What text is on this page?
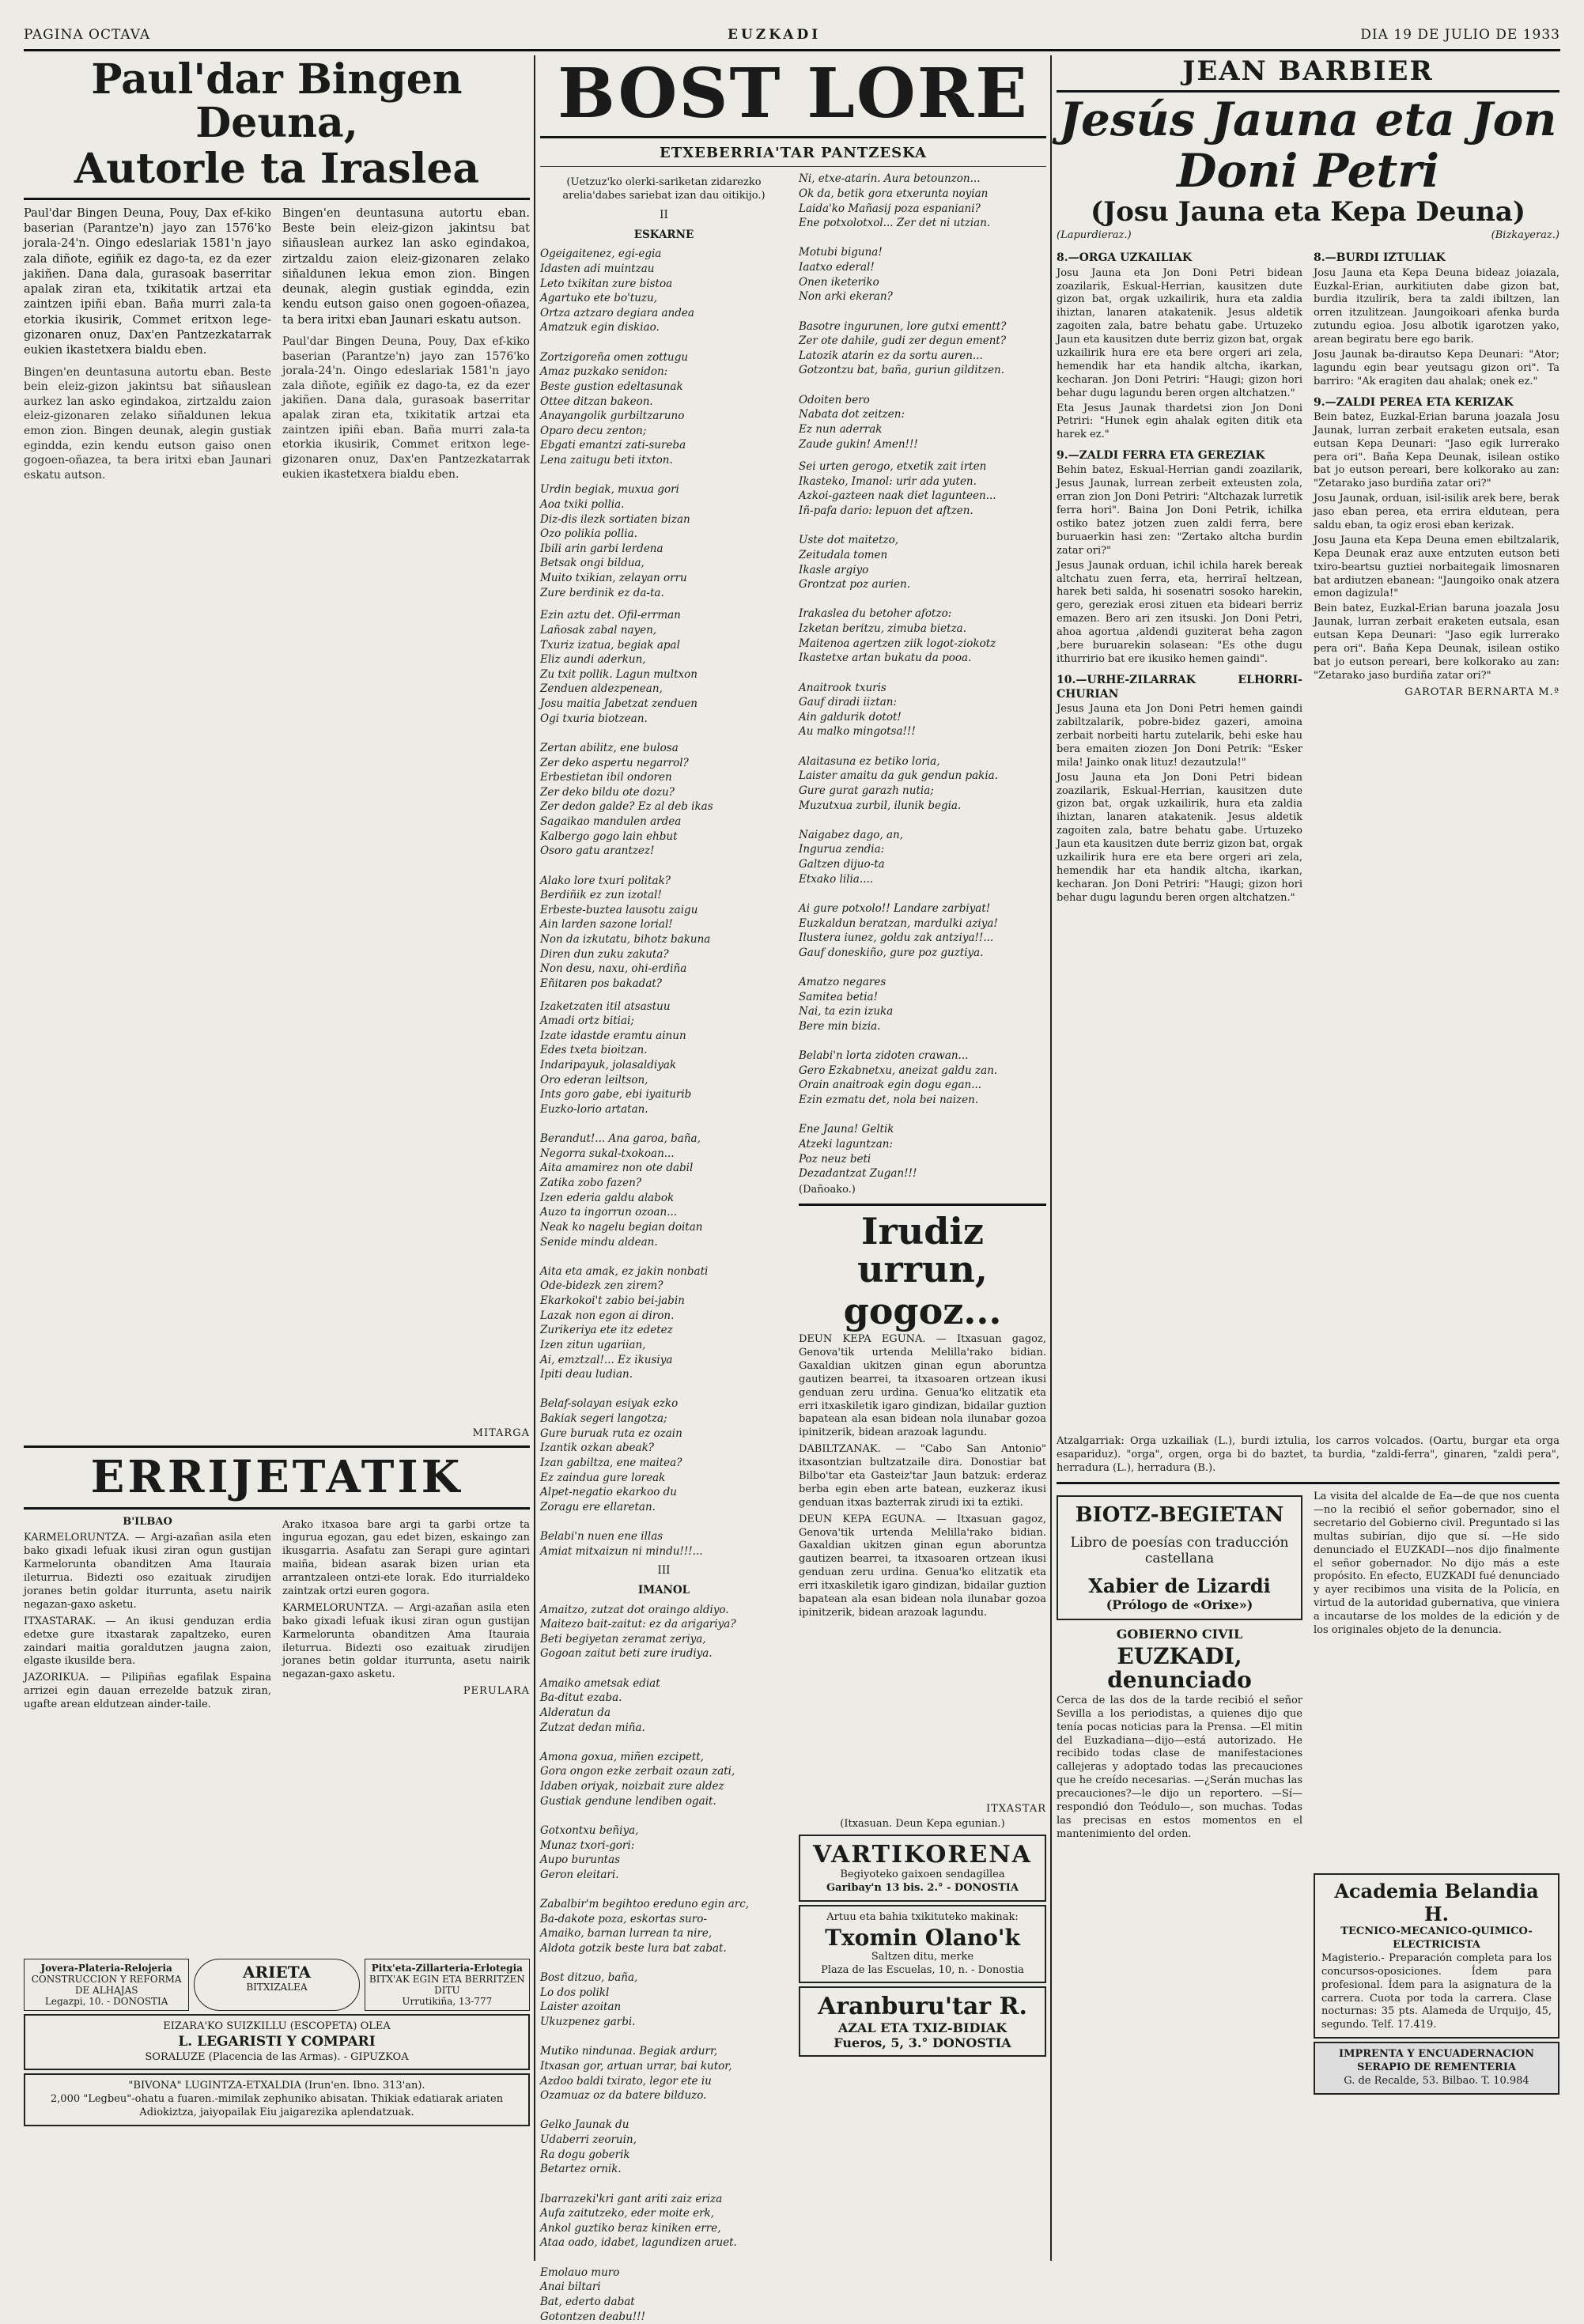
PAGINA OCTAVA	EUZKADI	DIA 19 DE JULIO DE 1933
Paul'dar Bingen Deuna,
Autorle ta Iraslea
Paul'dar Bingen Deuna, Pouy, Dax ef-kiko baserian (Parantze'n) jayo zan 1576'ko jorala-24'n. Oingo edeslariak 1581'n jayo zala diñote, egiñik ez dago-ta, ez da ezer jakiñen. Dana dala, gurasoak baserritar apalak ziran eta, txikitatik artzai eta zaintzen ipiñi eban. Baña murri zala-ta etorkia ikusirik, Commet eritxon lege-gizonaren onuz, Dax'en Pantzezkatarrak eukien ikastetxera bialdu eben.
Bingen'en deuntasuna autortu eban. Beste bein eleiz-gizon jakintsu bat siñauslean aurkez lan asko egindakoa, zirtzaldu zaion eleiz-gizonaren zelako siñaldunen lekua emon zion. Bingen deunak, alegin gustiak egindda, ezin kendu eutson gaiso onen gogoen-oñazea, ta bera iritxi eban Jaunari eskatu autson.
Bingen'en deuntasuna autortu eban. Beste bein eleiz-gizon jakintsu bat siñauslean aurkez lan asko egindakoa, zirtzaldu zaion eleiz-gizonaren zelako siñaldunen lekua emon zion. Bingen deunak, alegin gustiak egindda, ezin kendu eutson gaiso onen gogoen-oñazea, ta bera iritxi eban Jaunari eskatu autson.
Paul'dar Bingen Deuna, Pouy, Dax ef-kiko baserian (Parantze'n) jayo zan 1576'ko jorala-24'n. Oingo edeslariak 1581'n jayo zala diñote, egiñik ez dago-ta, ez da ezer jakiñen. Dana dala, gurasoak baserritar apalak ziran eta, txikitatik artzai eta zaintzen ipiñi eban. Baña murri zala-ta etorkia ikusirik, Commet eritxon lege-gizonaren onuz, Dax'en Pantzezkatarrak eukien ikastetxera bialdu eben.
MITARGA
ERRIJETATIK
B'ILBAO

KARMELORUNTZA. — Argi-azañan asila eten bako gixadi lefuak ikusi ziran ogun gustijan Karmelorunta obanditzen Ama Itauraia ileturrua. Bidezti oso ezaituak zirudijen joranes betin goldar iturrunta, asetu nairik negazan-gaxo asketu.

ITXASTARAK. — An ikusi genduzan erdia edetxe gure itxastarak zapaltzeko, euren zaindari maitia goraldutzen jaugna zaion, elgaste ikusilde bera.

JAZORIKUA. — Pilipiñas egafilak Espaina arrizei egin dauan errezelde batzuk ziran, ugafte arean eldutzean ainder-taile.

Arako itxasoa bare argi ta garbi ortze ta ingurua egozan, gau edet bizen, eskaingo zan ikusgarria. Asafatu zan Serapi gure agintari maiña, bidean asarak bizen urian eta arrantzaleen ontzi-ete lorak. Edo iturrialdeko zaintzak ortzi euren gogora.

KARMELORUNTZA. — Argi-azañan asila eten bako gixadi lefuak ikusi ziran ogun gustijan Karmelorunta obanditzen Ama Itauraia ileturrua. Bidezti oso ezaituak zirudijen joranes betin goldar iturrunta, asetu nairik negazan-gaxo asketu.

PERULARA
Jovera-Plateria-Relojeria
CONSTRUCCION Y REFORMA DE ALHAJAS
Legazpi, 10. - DONOSTIA
ARIETA
BITXIZALEA
Pitx'eta-Zillarteria-Erlotegia
BITX'AK EGIN ETA BERRITZEN DITU
Urrutikiña, 13-777
EIZARA'KO SUIZKILLU (ESCOPETA) OLEA
L. LEGARISTI Y COMPARI
SORALUZE (Placencia de las Armas). - GIPUZKOA
"BIVONA" LUGINTZA-ETXALDIA (Irun'en. Ibno. 313'an).
2,000 "Legbeu"-ohatu a fuaren.-mimilak zephuniko abisatan. Thikiak edatiarak ariaten Adiokiztza, jaiyopailak Eiu jaigarezika aplendatzuak.
BOST LORE
ETXEBERRIA'TAR PANTZESKA
(Uetzuz'ko olerki-sariketan zidarezko arelia'dabes sariebat izan dau oitikijo.)
II
ESKARNE
Ogeigaitenez, egi-egia
Idasten adi muintzau
Leto txikitan zure bistoa
Agartuko ete bo'tuzu,
Ortza aztzaro degiara andea
Amatzuk egin diskiao.

Zortzigoreña omen zottugu
Amaz puzkako senidon:
Beste gustion edeltasunak
Ottee ditzan bakeon.
Anayangolik gurbiltzaruno
Oparo decu zenton;
Ebgati emantzi zati-sureba
Lena zaitugu beti itxton.

Urdin begiak, muxua gori
Aoa txiki pollia.
Diz-dis ilezk sortiaten bizan
Ozo polikia pollia.
Ibili arin garbi lerdena
Betsak ongi bildua,
Muito txikian, zelayan orru
Zure berdinik ez da-ta.
Ezin aztu det. Ofil-errman
Lañosak zabal nayen,
Txuriz izatua, begiak apal
Eliz aundi aderkun,
Zu txit pollik. Lagun multxon
Zenduen aldezpenean,
Josu maitia Jabetzat zenduen
Ogi txuria biotzean.

Zertan abilitz, ene bulosa
Zer deko aspertu negarrol?
Erbestietan ibil ondoren
Zer deko bildu ote dozu?
Zer dedon galde? Ez al deb ikas
Sagaikao mandulen ardea
Kalbergo gogo lain ehbut
Osoro gatu arantzez!

Alako lore txuri politak?
Berdiñik ez zun izotal!
Erbeste-buztea lausotu zaigu
Ain larden sazone lorial!
Non da izkutatu, bihotz bakuna
Diren dun zuku zakuta?
Non desu, naxu, ohi-erdiña
Eñitaren pos bakadat?
Izaketzaten itil atsastuu
Amadi ortz bitiai;
Izate idastde eramtu ainun
Edes txeta bioitzan.
Indaripayuk, jolasaldiyak
Oro ederan leiltson,
Ints goro gabe, ebi iyaiturib
Euzko-lorio artatan.

Berandut!... Ana garoa, baña,
Negorra sukal-txokoan...
Aita amamirez non ote dabil
Zatika zobo fazen?
Izen ederia galdu alabok
Auzo ta ingorrun ozoan...
Neak ko nagelu begian doitan
Senide mindu aldean.

Aita eta amak, ez jakin nonbati
Ode-bidezk zen zirem?
Ekarkokoi't zabio bei-jabin
Lazak non egon ai diron.
Zurikeriya ete itz edetez
Izen zitun ugariian,
Ai, emztzal!... Ez ikusiya
Ipiti deau ludian.

Belaf-solayan esiyak ezko
Bakiak segeri langotza;
Gure buruak ruta ez ozain
Izantik ozkan abeak?
Izan gabiltza, ene maitea?
Ez zaindua gure loreak
Alpet-negatio ekarkoo du
Zoragu ere ellaretan.

Belabi'n nuen ene illas
Amiat mitxaizun ni mindu!!!...
III
IMANOL
Amaitzo, zutzat dot oraingo aldiyo.
Maitezo bait-zaitut: ez da arigariya?
Beti begiyetan zeramat zeriya,
Gogoan zaitut beti zure irudiya.

Amaiko ametsak ediat
Ba-ditut ezaba.
Alderatun da
Zutzat dedan miña.

Amona goxua, miñen ezcipett,
Gora ongon ezke zerbait ozaun zati,
Idaben oriyak, noizbait zure aldez
Gustiak gendune lendiben ogait.

Gotxontxu beñiya,
Munaz txori-gori:
Aupo buruntas
Geron eleitari.

Zabalbir'm begihtoo ereduno egin arc,
Ba-dakote poza, eskortas suro-
Amaiko, barnan lurrean ta nire,
Aldota gotzik beste lura bat zabat.

Bost ditzuo, baña,
Lo dos polikl
Laister azoitan
Ukuzpenez garbi.

Mutiko nindunaa. Begiak ardurr,
Itxasan gor, artuan urrar, bai kutor,
Azdoo baldi txirato, legor ete iu
Ozamuaz oz da batere bilduzo.

Gelko Jaunak du
Udaberri zeoruin,
Ra dogu goberik
Betartez ornik.

Ibarrazeki'kri gant ariti zaiz eriza
Aufa zaitutzeko, eder moite erk,
Ankol guztiko beraz kiniken erre,
Ataa oado, idabet, lagundizen aruet.

Emolauo muro
Anai biltari
Bat, ederto dabat
Gotontzen deabu!!!
Ni, etxe-atarin. Aura betounzon...
Ok da, betik gora etxerunta noyian
Laida'ko Mañasij poza espaniani?
Ene potxolotxol... Zer det ni utzian.

Motubi biguna!
Iaatxo ederal!
Onen iketeriko
Non arki ekeran?

Basotre ingurunen, lore gutxi ementt?
Zer ote dahile, gudi zer degun ement?
Latozik atarin ez da sortu auren...
Gotzontzu bat, baña, guriun gilditzen.

Odoiten bero
Nabata dot zeitzen:
Ez nun aderrak
Zaude gukin! Amen!!!
Sei urten gerogo, etxetik zait irten
Ikasteko, Imanol: urir ada yuten.
Azkoi-gazteen naak diet lagunteen...
Iñ-pafa dario: lepuon det aftzen.

Uste dot maitetzo,
Zeitudala tomen
Ikasle argiyo
Grontzat poz aurien.

Irakaslea du betoher afotzo:
Izketan beritzu, zimuba bietza.
Maitenoa agertzen ziik logot-ziokotz
Ikastetxe artan bukatu da pooa.

Anaitrook txuris
Gauf diradi iiztan:
Ain galdurik dotot!
Au malko mingotsa!!!

Alaitasuna ez betiko loria,
Laister amaitu da guk gendun pakia.
Gure gurat garazh nutia;
Muzutxua zurbil, ilunik begia.

Naigabez dago, an,
Ingurua zendia:
Galtzen dijuo-ta
Etxako lilia....

Ai gure potxolo!! Landare zarbiyat!
Euzkaldun beratzan, mardulki aziya!
Ilustera iunez, goldu zak antziya!!...
Gauf doneskiño, gure poz guztiya.

Amatzo negares
Samitea betia!
Nai, ta ezin izuka
Bere min bizia.

Belabi'n lorta zidoten crawan...
Gero Ezkabnetxu, aneizat galdu zan.
Orain anaitroak egin dogu egan...
Ezin ezmatu det, nola bei naizen.

Ene Jauna! Geltik
Atzeki laguntzan:
Poz neuz beti
Dezadantzat Zugan!!!
(Dañoako.)
Irudiz urrun,
gogoz...

DEUN KEPA EGUNA. — Itxasuan gagoz, Genova'tik urtenda Melilla'rako bidian. Gaxaldian ukitzen ginan egun aboruntza gautizen bearrei, ta itxasoaren ortzean ikusi genduan zeru urdina. Genua'ko elitzatik eta erri itxaskiletik igaro gindizan, bidailar guztion bapatean ala esan bidean nola ilunabar gozoa ipinitzerik, bidean arazoak lagundu.

DABILTZANAK. — "Cabo San Antonio" itxasontzian bultzatzaile dira. Donostiar bat Bilbo'tar eta Gasteiz'tar Jaun batzuk: erderaz berba egin eben arte batean, euzkeraz ikusi genduan itxas bazterrak zirudi ixi ta eztiki.

DEUN KEPA EGUNA. — Itxasuan gagoz, Genova'tik urtenda Melilla'rako bidian. Gaxaldian ukitzen ginan egun aboruntza gautizen bearrei, ta itxasoaren ortzean ikusi genduan zeru urdina. Genua'ko elitzatik eta erri itxaskiletik igaro gindizan, bidailar guztion bapatean ala esan bidean nola ilunabar gozoa ipinitzerik, bidean arazoak lagundu.

ITXASTAR
(Itxasuan. Deun Kepa egunian.)
VARTIKORENA
Begiyoteko gaixoen sendagillea
Garibay'n 13 bis. 2.° - DONOSTIA
Artuu eta bahia txikituteko makinak:
Txomin Olano'k
Saltzen ditu, merke
Plaza de las Escuelas, 10, n. - Donostia
Aranburu'tar R.
AZAL ETA TXIZ-BIDIAK
Fueros, 5, 3.° DONOSTIA
JEAN BARBIER
Jesús Jauna eta Jon
Doni Petri
(Josu Jauna eta Kepa Deuna)
(Lapurdieraz.)	(Bizkayeraz.)
8.—ORGA UZKAILIAK

Josu Jauna eta Jon Doni Petri bidean zoazilarik, Eskual-Herrian, kausitzen dute gizon bat, orgak uzkailirik, hura eta zaldia ihiztan, lanaren atakatenik. Jesus aldetik zagoiten zala, batre behatu gabe. Urtuzeko Jaun eta kausitzen dute berriz gizon bat, orgak uzkailirik hura ere eta bere orgeri ari zela, hemendik har eta handik altcha, ikarkan, kecharan. Jon Doni Petriri: "Haugi; gizon hori behar dugu lagundu beren orgen altchatzen."

Eta Jesus Jaunak thardetsi zion Jon Doni Petriri: "Hunek egin ahalak egiten ditik eta harek ez."

9.—ZALDI FERRA ETA GEREZIAK

Behin batez, Eskual-Herrian gandi zoazilarik, Jesus Jaunak, lurrean zerbeit exteusten zola, erran zion Jon Doni Petriri: "Altchazak lurretik ferra hori". Baina Jon Doni Petrik, ichilka ostiko batez jotzen zuen zaldi ferra, bere buruaerkin hasi zen: "Zertako altcha burdin zatar ori?"

Jesus Jaunak orduan, ichil ichila harek bereak altchatu zuen ferra, eta, herriraï heltzean, harek beti salda, hi sosenatri sosoko harekin, gero, gereziak erosi zituen eta bideari berriz emazen. Bero ari zen itsuski. Jon Doni Petri, ahoa agortua ,aldendi guziterat beha zagon ,bere buruarekin solasean: "Es othe dugu ithurririo bat ere ikusiko hemen gaindi".

10.—URHE-ZILARRAK ELHORRI-CHURIAN

Jesus Jauna eta Jon Doni Petri hemen gaindi zabiltzalarik, pobre-bidez gazeri, amoina zerbait norbeiti hartu zutelarik, behi eske hau bera emaiten ziozen Jon Doni Petrik: "Esker mila! Jainko onak lituz! dezautzula!"

Josu Jauna eta Jon Doni Petri bidean zoazilarik, Eskual-Herrian, kausitzen dute gizon bat, orgak uzkailirik, hura eta zaldia ihiztan, lanaren atakatenik. Jesus aldetik zagoiten zala, batre behatu gabe. Urtuzeko Jaun eta kausitzen dute berriz gizon bat, orgak uzkailirik hura ere eta bere orgeri ari zela, hemendik har eta handik altcha, ikarkan, kecharan. Jon Doni Petriri: "Haugi; gizon hori behar dugu lagundu beren orgen altchatzen."

8.—BURDI IZTULIAK

Josu Jauna eta Kepa Deuna bideaz joiazala, Euzkal-Erian, aurkitiuten dabe gizon bat, burdia itzulirik, bera ta zaldi ibiltzen, lan orren itzulitzean. Jaungoikoari afenka burda zutundu egioa. Josu albotik igarotzen yako, arean begiratu bere ego barik.

Josu Jaunak ba-dirautso Kepa Deunari: "Ator; lagundu egin bear yeutsagu gizon ori". Ta barriro: "Ak eragiten dau ahalak; onek ez."

9.—ZALDI PEREA ETA KERIZAK

Bein batez, Euzkal-Erian baruna joazala Josu Jaunak, lurran zerbait eraketen eutsala, esan eutsan Kepa Deunari: "Jaso egik lurrerako pera ori". Baña Kepa Deunak, isilean ostiko bat jo eutson pereari, bere kolkorako au zan: "Zetarako jaso burdiña zatar ori?"

Josu Jaunak, orduan, isil-isilik arek bere, berak jaso eban perea, eta errira eldutean, pera saldu eban, ta ogiz erosi eban kerizak.

Josu Jauna eta Kepa Deuna emen ebiltzalarik, Kepa Deunak eraz auxe entzuten eutson beti txiro-beartsu guztiei norbaitegaik limosnaren bat ardiutzen ebanean: "Jaungoiko onak atzera emon dagizula!"

Bein batez, Euzkal-Erian baruna joazala Josu Jaunak, lurran zerbait eraketen eutsala, esan eutsan Kepa Deunari: "Jaso egik lurrerako pera ori". Baña Kepa Deunak, isilean ostiko bat jo eutson pereari, bere kolkorako au zan: "Zetarako jaso burdiña zatar ori?"

GAROTAR BERNARTA M.ª
Atzalgarriak: Orga uzkailiak (L.), burdi iztulia, los carros volcados. (Oartu, burgar eta orga esapariduz). "orga", orgen, orga bi do baztet, ta burdia, "zaldi-ferra", ginaren, "zaldi pera", herradura (L.), herradura (B.).
BIOTZ-BEGIETAN
Libro de poesías con traducción castellana
Xabier de Lizardi
(Prólogo de «Orixe»)
GOBIERNO CIVIL
EUZKADI, denunciado
Cerca de las dos de la tarde recibió el señor Sevilla a los periodistas, a quienes dijo que tenía pocas noticias para la Prensa. —El mitin del Euzkadiana—dijo—está autorizado. He recibido todas clase de manifestaciones callejeras y adoptado todas las precauciones que he creído necesarias. —¿Serán muchas las precauciones?—le dijo un reportero. —Sí—respondió don Teódulo—, son muchas. Todas las precisas en estos momentos en el mantenimiento del orden.
La visita del alcalde de Ea—de que nos cuenta—no la recibió el señor gobernador, sino el secretario del Gobierno civil. Preguntado si las multas subirían, dijo que sí. —He sido denunciado el EUZKADI—nos dijo finalmente el señor gobernador. No dijo más a este propósito. En efecto, EUZKADI fué denunciado y ayer recibimos una visita de la Policía, en virtud de la autoridad gubernativa, que viniera a incautarse de los moldes de la edición y de los originales objeto de la denuncia.
Academia Belandia H.
TECNICO-MECANICO-QUIMICO-ELECTRICISTA
Magisterio.- Preparación completa para los concursos-oposiciones. Ídem para profesional. Ídem para la asignatura de la carrera. Cuota por toda la carrera. Clase nocturnas: 35 pts. Alameda de Urquijo, 45, segundo. Telf. 17.419.
IMPRENTA Y ENCUADERNACION SERAPIO DE REMENTERIA
G. de Recalde, 53. Bilbao. T. 10.984
